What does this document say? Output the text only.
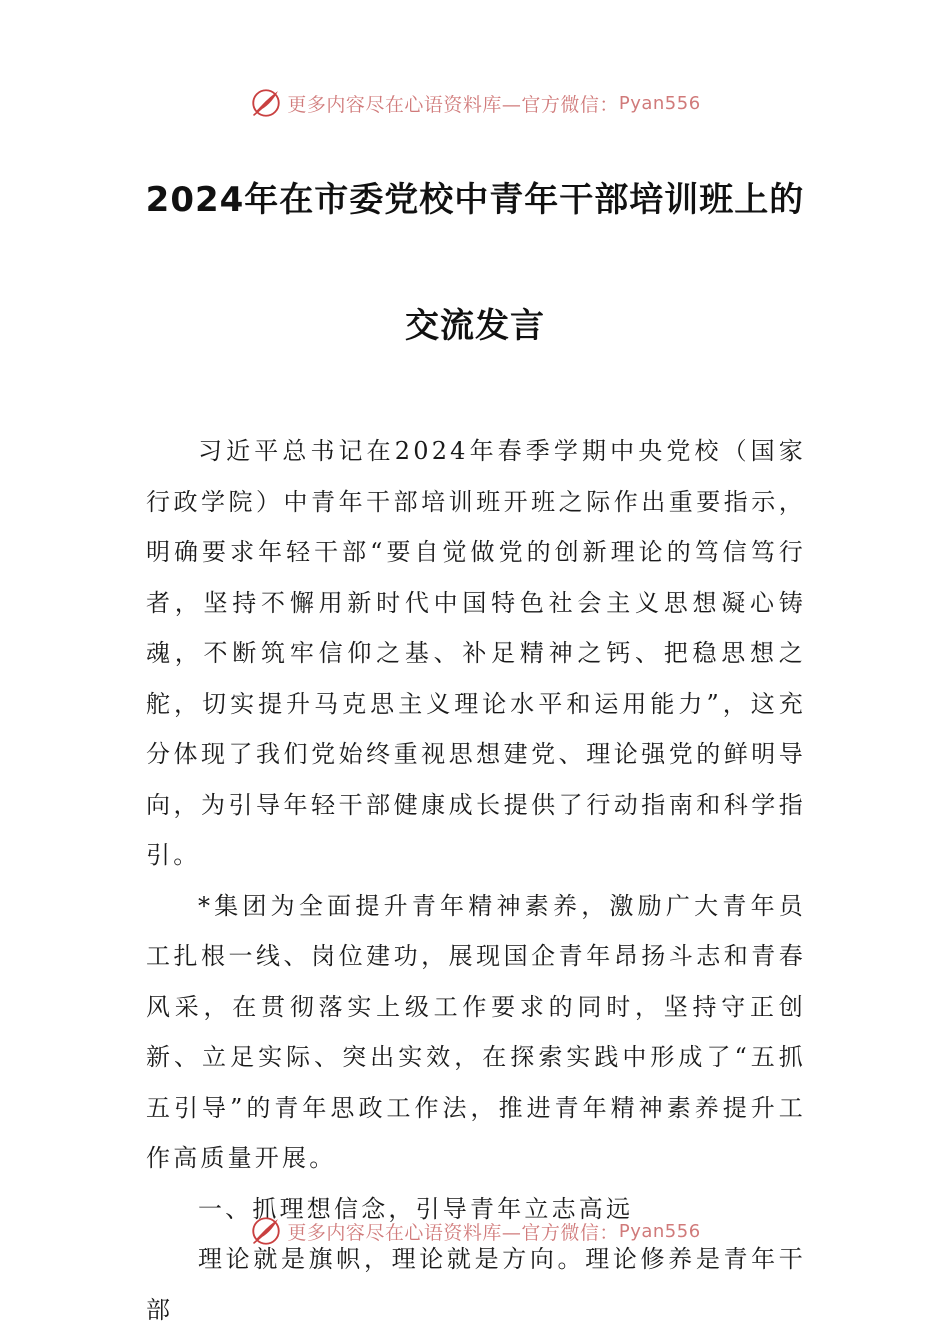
更多内容尽在心语资料库—官方微信： Pyan556
2024年在市委党校中青年干部培训班上的
交流发言

习近平总书记在2024年春季学期中央党校（国家行政学院）中青年干部培训班开班之际作出重要指示，明确要求年轻干部“要自觉做党的创新理论的笃信笃行者，坚持不懈用新时代中国特色社会主义思想凝心铸魂，不断筑牢信仰之基、补足精神之钙、把稳思想之舵，切实提升马克思主义理论水平和运用能力”，这充分体现了我们党始终重视思想建党、理论强党的鲜明导向，为引导年轻干部健康成长提供了行动指南和科学指引。

*集团为全面提升青年精神素养，激励广大青年员工扎根一线、岗位建功，展现国企青年昂扬斗志和青春风采，在贯彻落实上级工作要求的同时，坚持守正创新、立足实际、突出实效，在探索实践中形成了“五抓五引导”的青年思政工作法，推进青年精神素养提升工作高质量开展。

一、抓理想信念，引导青年立志高远

理论就是旗帜，理论就是方向。理论修养是青年干部

更多内容尽在心语资料库—官方微信： Pyan556
